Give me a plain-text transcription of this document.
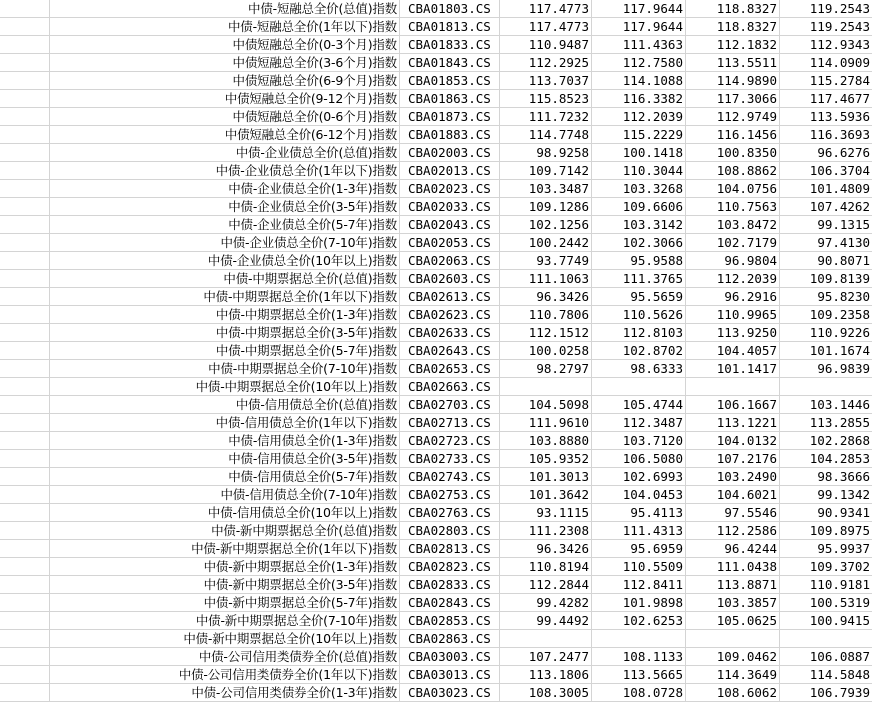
中债-短融总全价(总值)指数 CBA01803.CS	117.4773	117.9644	118.8327	119.2543
中债-短融总全价(1年以下)指数 CBA01813.CS	117.4773	117.9644	118.8327	119.2543
中债短融总全价(0-3个月)指数 CBA01833.CS	110.9487	111.4363	112.1832	112.9343
中债短融总全价(3-6个月)指数 CBA01843.CS	112.2925	112.7580	113.5511	114.0909
中债短融总全价(6-9个月)指数 CBA01853.CS	113.7037	114.1088	114.9890	115.2784
中债短融总全价(9-12个月)指数 CBA01863.CS	115.8523	116.3382	117.3066	117.4677
中债短融总全价(0-6个月)指数 CBA01873.CS	111.7232	112.2039	112.9749	113.5936
中债短融总全价(6-12个月)指数 CBA01883.CS	114.7748	115.2229	116.1456	116.3693
中债-企业债总全价(总值)指数 CBA02003.CS	98.9258	100.1418	100.8350	96.6276
中债-企业债总全价(1年以下)指数 CBA02013.CS	109.7142	110.3044	108.8862	106.3704
中债-企业债总全价(1-3年)指数 CBA02023.CS	103.3487	103.3268	104.0756	101.4809
中债-企业债总全价(3-5年)指数 CBA02033.CS	109.1286	109.6606	110.7563	107.4262
中债-企业债总全价(5-7年)指数 CBA02043.CS	102.1256	103.3142	103.8472	99.1315
中债-企业债总全价(7-10年)指数 CBA02053.CS	100.2442	102.3066	102.7179	97.4130
中债-企业债总全价(10年以上)指数 CBA02063.CS	93.7749	95.9588	96.9804	90.8071
中债-中期票据总全价(总值)指数 CBA02603.CS	111.1063	111.3765	112.2039	109.8139
中债-中期票据总全价(1年以下)指数 CBA02613.CS	96.3426	95.5659	96.2916	95.8230
中债-中期票据总全价(1-3年)指数 CBA02623.CS	110.7806	110.5626	110.9965	109.2358
中债-中期票据总全价(3-5年)指数 CBA02633.CS	112.1512	112.8103	113.9250	110.9226
中债-中期票据总全价(5-7年)指数 CBA02643.CS	100.0258	102.8702	104.4057	101.1674
中债-中期票据总全价(7-10年)指数 CBA02653.CS	98.2797	98.6333	101.1417	96.9839
中债-中期票据总全价(10年以上)指数 CBA02663.CS
中债-信用债总全价(总值)指数 CBA02703.CS	104.5098	105.4744	106.1667	103.1446
中债-信用债总全价(1年以下)指数 CBA02713.CS	111.9610	112.3487	113.1221	113.2855
中债-信用债总全价(1-3年)指数 CBA02723.CS	103.8880	103.7120	104.0132	102.2868
中债-信用债总全价(3-5年)指数 CBA02733.CS	105.9352	106.5080	107.2176	104.2853
中债-信用债总全价(5-7年)指数 CBA02743.CS	101.3013	102.6993	103.2490	98.3666
中债-信用债总全价(7-10年)指数 CBA02753.CS	101.3642	104.0453	104.6021	99.1342
中债-信用债总全价(10年以上)指数 CBA02763.CS	93.1115	95.4113	97.5546	90.9341
中债-新中期票据总全价(总值)指数 CBA02803.CS	111.2308	111.4313	112.2586	109.8975
中债-新中期票据总全价(1年以下)指数 CBA02813.CS	96.3426	95.6959	96.4244	95.9937
中债-新中期票据总全价(1-3年)指数 CBA02823.CS	110.8194	110.5509	111.0438	109.3702
中债-新中期票据总全价(3-5年)指数 CBA02833.CS	112.2844	112.8411	113.8871	110.9181
中债-新中期票据总全价(5-7年)指数 CBA02843.CS	99.4282	101.9898	103.3857	100.5319
中债-新中期票据总全价(7-10年)指数 CBA02853.CS	99.4492	102.6253	105.0625	100.9415
中债-新中期票据总全价(10年以上)指数 CBA02863.CS
中债-公司信用类债券全价(总值)指数 CBA03003.CS	107.2477	108.1133	109.0462	106.0887
中债-公司信用类债券全价(1年以下)指数 CBA03013.CS	113.1806	113.5665	114.3649	114.5848
中债-公司信用类债券全价(1-3年)指数 CBA03023.CS	108.3005	108.0728	108.6062	106.7939
